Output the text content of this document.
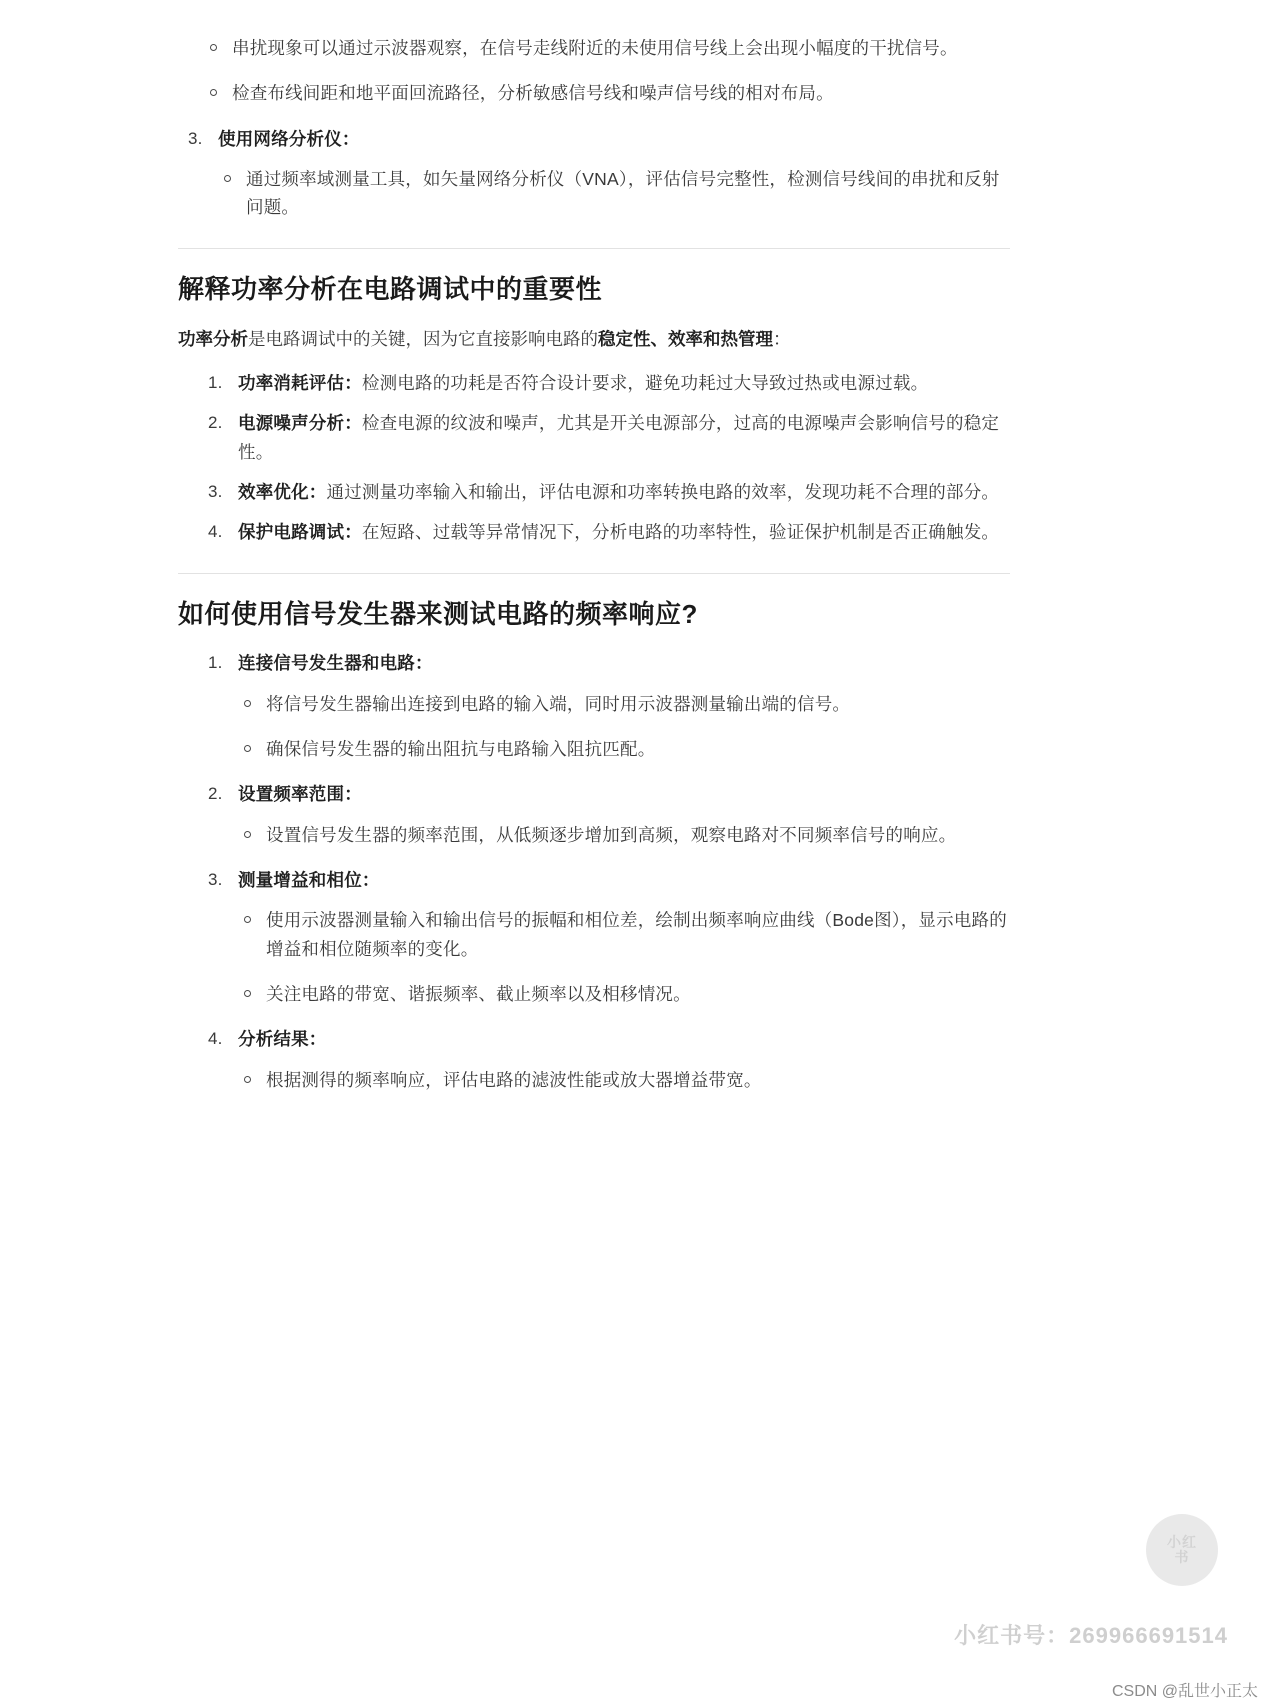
串扰现象可以通过示波器观察，在信号走线附近的未使用信号线上会出现小幅度的干扰信号。
检查布线间距和地平面回流路径，分析敏感信号线和噪声信号线的相对布局。
3. 使用网络分析仪：
通过频率域测量工具，如矢量网络分析仪（VNA），评估信号完整性，检测信号线间的串扰和反射问题。
解释功率分析在电路调试中的重要性

功率分析是电路调试中的关键，因为它直接影响电路的稳定性、效率和热管理：

1. 功率消耗评估：检测电路的功耗是否符合设计要求，避免功耗过大导致过热或电源过载。
2. 电源噪声分析：检查电源的纹波和噪声，尤其是开关电源部分，过高的电源噪声会影响信号的稳定性。
3. 效率优化：通过测量功率输入和输出，评估电源和功率转换电路的效率，发现功耗不合理的部分。
4. 保护电路调试：在短路、过载等异常情况下，分析电路的功率特性，验证保护机制是否正确触发。
如何使用信号发生器来测试电路的频率响应?
1. 连接信号发生器和电路：
将信号发生器输出连接到电路的输入端，同时用示波器测量输出端的信号。
确保信号发生器的输出阻抗与电路输入阻抗匹配。
2. 设置频率范围：
设置信号发生器的频率范围，从低频逐步增加到高频，观察电路对不同频率信号的响应。
3. 测量增益和相位：
使用示波器测量输入和输出信号的振幅和相位差，绘制出频率响应曲线（Bode图），显示电路的增益和相位随频率的变化。
关注电路的带宽、谐振频率、截止频率以及相移情况。
4. 分析结果：
根据测得的频率响应，评估电路的滤波性能或放大器增益带宽。
小红书
小红书号：269966691514
CSDN @乱世小正太
